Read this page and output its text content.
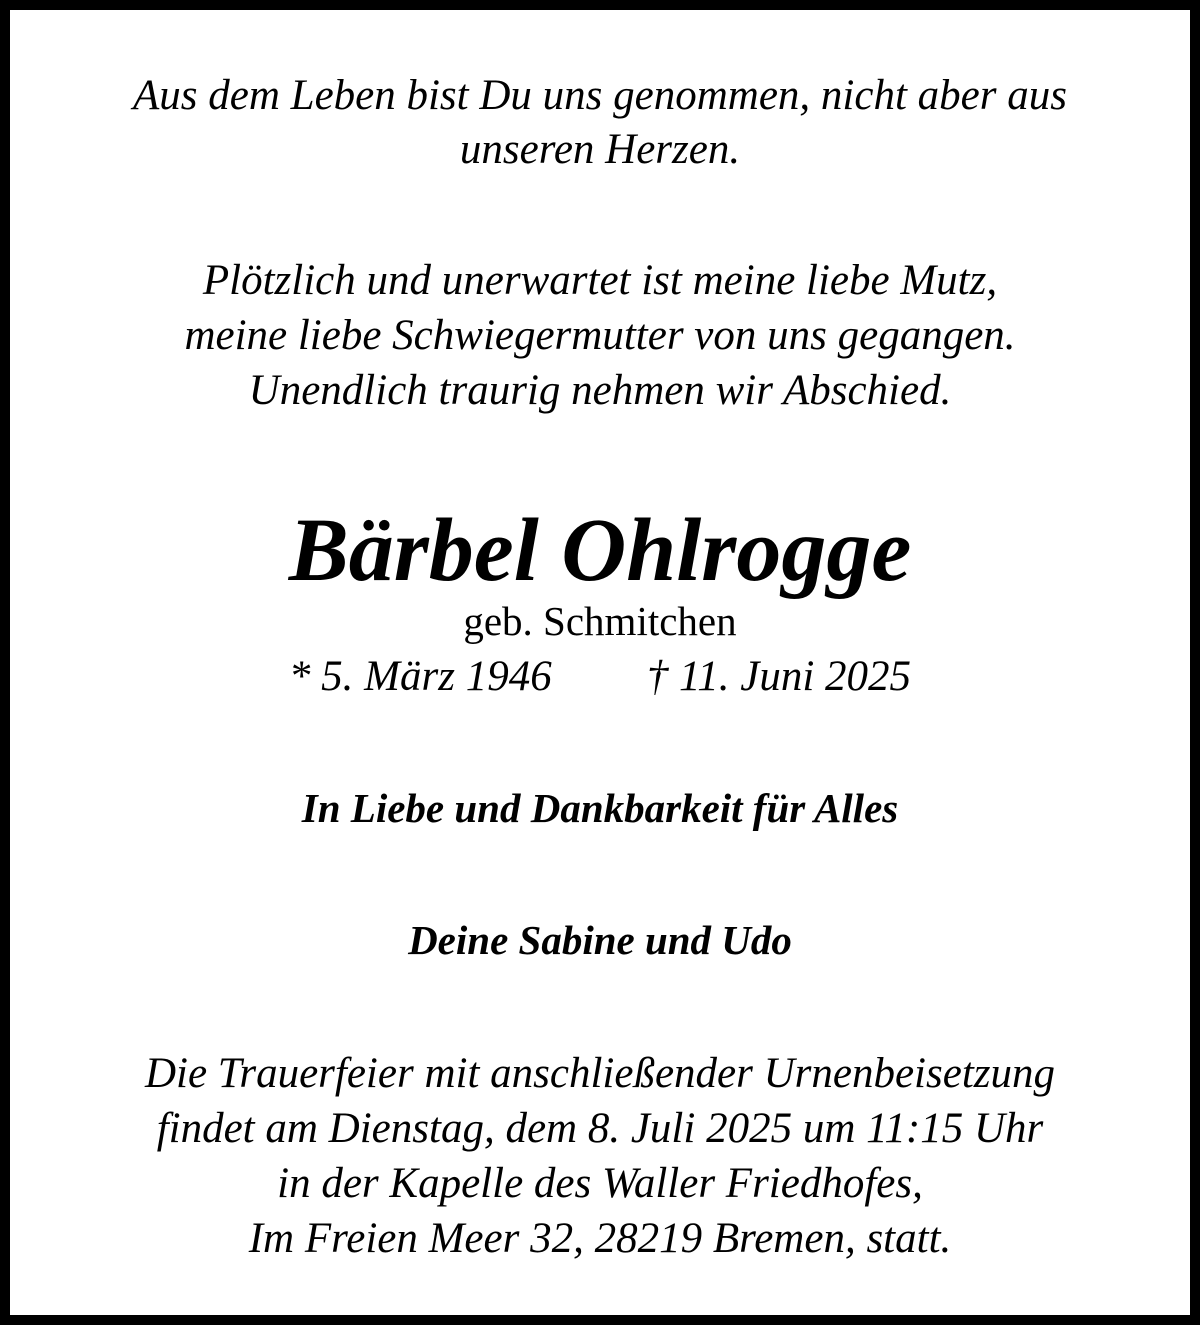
Aus dem Leben bist Du uns genommen, nicht aber aus
unseren Herzen.
Plötzlich und unerwartet ist meine liebe Mutz,
meine liebe Schwiegermutter von uns gegangen.
Unendlich traurig nehmen wir Abschied.
Bärbel Ohlrogge
geb. Schmitchen
* 5. März 1946 † 11. Juni 2025
In Liebe und Dankbarkeit für Alles
Deine Sabine und Udo
Die Trauerfeier mit anschließender Urnenbeisetzung
findet am Dienstag, dem 8. Juli 2025 um 11:15 Uhr
in der Kapelle des Waller Friedhofes,
Im Freien Meer 32, 28219 Bremen, statt.
